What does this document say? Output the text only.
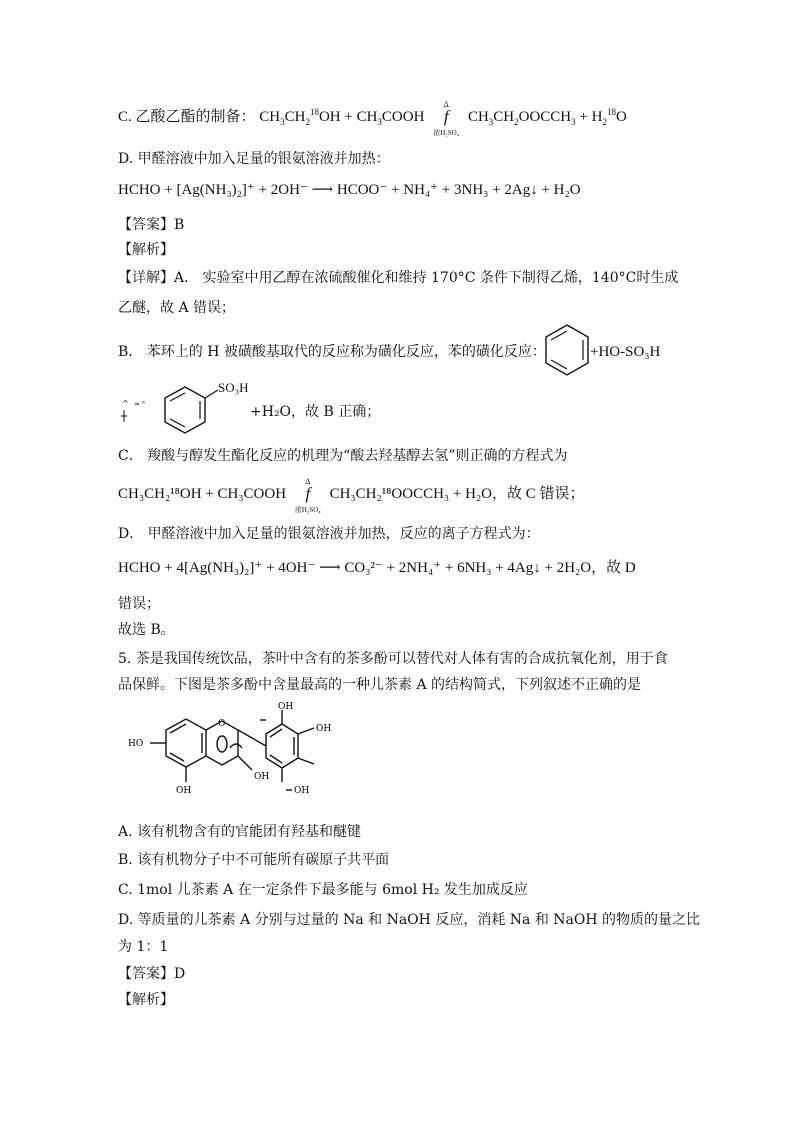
C. 乙酸乙酯的制备： $CH_3CH_2^{18}OH$ + $CH_3COOH$
Δ
f
浓H₂SO₄
$CH_3CH_2OOCCH_3 + H_2^{18}O$
D. 甲醛溶液中加入足量的银氨溶液并加热：
HCHO + [Ag(NH₃)₂]⁺ + 2OH⁻ ⟶ HCOO⁻ + NH₄⁺ + 3NH₃ + 2Ag↓ + H₂O
【答案】B
【解析】
【详解】A． 实验室中用乙醇在浓硫酸催化和维持 170°C 条件下制得乙烯，140°C时生成
乙醚，故 A 错误；
B． 苯环上的 H 被磺酸基取代的反应称为磺化反应，苯的磺化反应：	+HO-SO₃H
^ ≈ ᴬ
SO₃H
+H₂O，故 B 正确；
C． 羧酸与醇发生酯化反应的机理为“酸去羟基醇去氢”则正确的方程式为
CH₃CH₂¹⁸OH + CH₃COOH
Δ
f
浓H₂SO₄
CH₃CH₂¹⁸OOCCH₃ + H₂O，故 C 错误；
D． 甲醛溶液中加入足量的银氨溶液并加热，反应的离子方程式为：
HCHO + 4[Ag(NH₃)₂]⁺ + 4OH⁻ ⟶ CO₃²⁻ + 2NH₄⁺ + 6NH₃ + 4Ag↓ + 2H₂O，故 D
错误；
故选 B。
5. 茶是我国传统饮品，茶叶中含有的茶多酚可以替代对人体有害的合成抗氧化剂，用于食
品保鲜。下图是茶多酚中含量最高的一种儿茶素 A 的结构简式，下列叙述不正确的是
O
OH
OH
HO
OH
OH	OH
A. 该有机物含有的官能团有羟基和醚键
B. 该有机物分子中不可能所有碳原子共平面
C. 1mol 儿茶素 A 在一定条件下最多能与 6mol H₂ 发生加成反应
D. 等质量的儿茶素 A 分别与过量的 Na 和 NaOH 反应，消耗 Na 和 NaOH 的物质的量之比
为 1：1
【答案】D
【解析】
